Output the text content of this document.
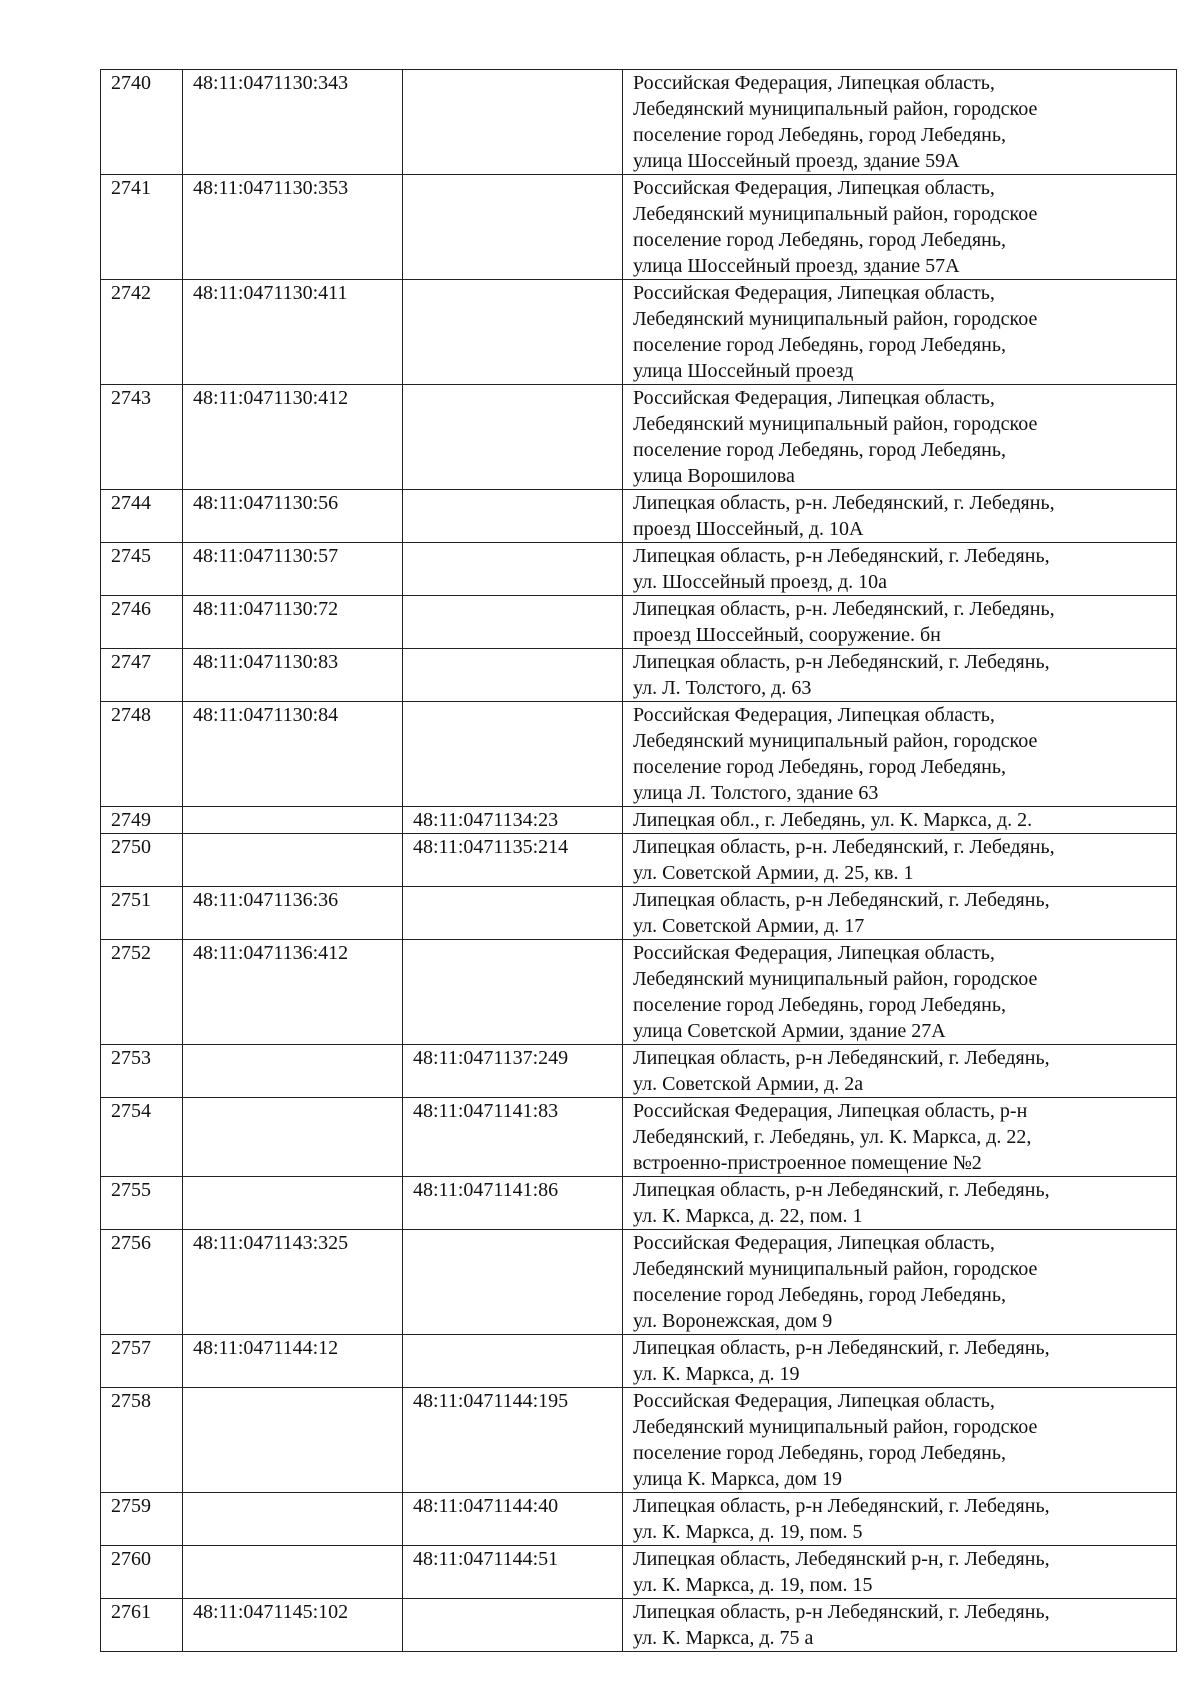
2740	48:11:0471130:343		Российская Федерация, Липецкая область,
Лебедянский муниципальный район, городское
поселение город Лебедянь, город Лебедянь,
улица Шоссейный проезд, здание 59А

2741	48:11:0471130:353		Российская Федерация, Липецкая область,
Лебедянский муниципальный район, городское
поселение город Лебедянь, город Лебедянь,
улица Шоссейный проезд, здание 57А

2742	48:11:0471130:411		Российская Федерация, Липецкая область,
Лебедянский муниципальный район, городское
поселение город Лебедянь, город Лебедянь,
улица Шоссейный проезд

2743	48:11:0471130:412		Российская Федерация, Липецкая область,
Лебедянский муниципальный район, городское
поселение город Лебедянь, город Лебедянь,
улица Ворошилова

2744	48:11:0471130:56		Липецкая область, р-н. Лебедянский, г. Лебедянь,
проезд Шоссейный, д. 10А

2745	48:11:0471130:57		Липецкая область, р-н Лебедянский, г. Лебедянь,
ул. Шоссейный проезд, д. 10а

2746	48:11:0471130:72		Липецкая область, р-н. Лебедянский, г. Лебедянь,
проезд Шоссейный, сооружение. бн

2747	48:11:0471130:83		Липецкая область, р-н Лебедянский, г. Лебедянь,
ул. Л. Толстого, д. 63

2748	48:11:0471130:84		Российская Федерация, Липецкая область,
Лебедянский муниципальный район, городское
поселение город Лебедянь, город Лебедянь,
улица Л. Толстого, здание 63

2749		48:11:0471134:23	Липецкая обл., г. Лебедянь, ул. К. Маркса, д. 2.

2750		48:11:0471135:214	Липецкая область, р-н. Лебедянский, г. Лебедянь,
ул. Советской Армии, д. 25, кв. 1

2751	48:11:0471136:36		Липецкая область, р-н Лебедянский, г. Лебедянь,
ул. Советской Армии, д. 17

2752	48:11:0471136:412		Российская Федерация, Липецкая область,
Лебедянский муниципальный район, городское
поселение город Лебедянь, город Лебедянь,
улица Советской Армии, здание 27А

2753		48:11:0471137:249	Липецкая область, р-н Лебедянский, г. Лебедянь,
ул. Советской Армии, д. 2а

2754		48:11:0471141:83	Российская Федерация, Липецкая область, р-н
Лебедянский, г. Лебедянь, ул. К. Маркса, д. 22,
встроенно-пристроенное помещение №2

2755		48:11:0471141:86	Липецкая область, р-н Лебедянский, г. Лебедянь,
ул. К. Маркса, д. 22, пом. 1

2756	48:11:0471143:325		Российская Федерация, Липецкая область,
Лебедянский муниципальный район, городское
поселение город Лебедянь, город Лебедянь,
ул. Воронежская, дом 9

2757	48:11:0471144:12		Липецкая область, р-н Лебедянский, г. Лебедянь,
ул. К. Маркса, д. 19

2758		48:11:0471144:195	Российская Федерация, Липецкая область,
Лебедянский муниципальный район, городское
поселение город Лебедянь, город Лебедянь,
улица К. Маркса, дом 19

2759		48:11:0471144:40	Липецкая область, р-н Лебедянский, г. Лебедянь,
ул. К. Маркса, д. 19, пом. 5

2760		48:11:0471144:51	Липецкая область, Лебедянский р-н, г. Лебедянь,
ул. К. Маркса, д. 19, пом. 15

2761	48:11:0471145:102		Липецкая область, р-н Лебедянский, г. Лебедянь,
ул. К. Маркса, д. 75 а
